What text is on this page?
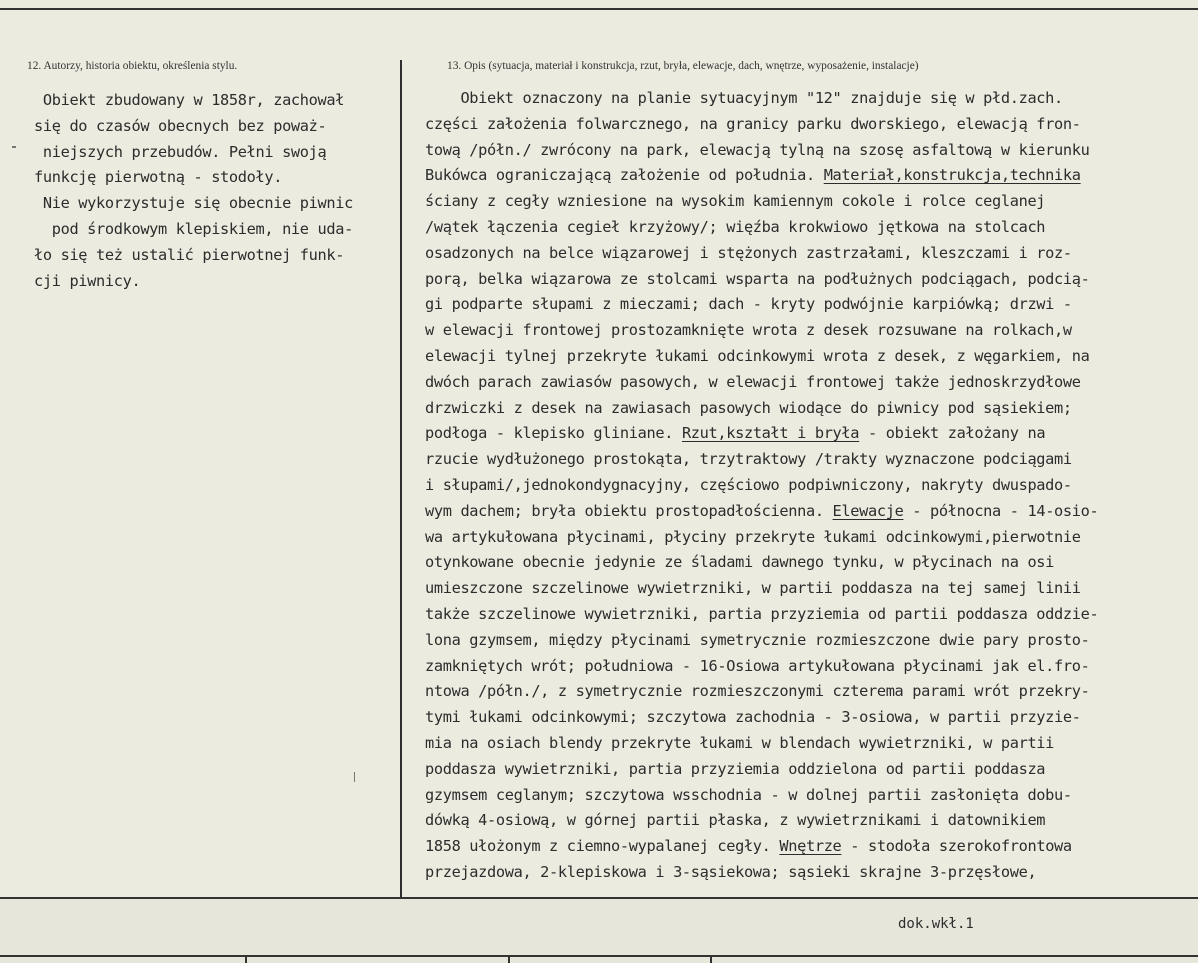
12. Autorzy, historia obiektu, określenia stylu.	13. Opis (sytuacja, materiał i konstrukcja, rzut, bryła, elewacje, dach, wnętrze, wyposażenie, instalacje)
Obiekt zbudowany w 1858r, zachował
się do czasów obecnych bez poważ-
niejszych przebudów. Pełni swoją
funkcję pierwotną - stodoły.
Nie wykorzystuje się obecnie piwnic
pod środkowym klepiskiem, nie uda-
ło się też ustalić pierwotnej funk-
cji piwnicy.
Obiekt oznaczony na planie sytuacyjnym "12" znajduje się w płd.zach.
części założenia folwarcznego, na granicy parku dworskiego, elewacją fron-
tową /półn./ zwrócony na park, elewacją tylną na szosę asfaltową w kierunku
Bukówca ograniczającą założenie od południa. Materiał,konstrukcja,technika
ściany z cegły wzniesione na wysokim kamiennym cokole i rolce ceglanej
/wątek łączenia cegieł krzyżowy/; więźba krokwiowo jętkowa na stolcach
osadzonych na belce wiązarowej i stężonych zastrzałami, kleszczami i roz-
porą, belka wiązarowa ze stolcami wsparta na podłużnych podciągach, podcią-
gi podparte słupami z mieczami; dach - kryty podwójnie karpiówką; drzwi -
w elewacji frontowej prostozamknięte wrota z desek rozsuwane na rolkach,w
elewacji tylnej przekryte łukami odcinkowymi wrota z desek, z węgarkiem, na
dwóch parach zawiasów pasowych, w elewacji frontowej także jednoskrzydłowe
drzwiczki z desek na zawiasach pasowych wiodące do piwnicy pod sąsiekiem;
podłoga - klepisko gliniane. Rzut,kształt i bryła - obiekt założany na
rzucie wydłużonego prostokąta, trzytraktowy /trakty wyznaczone podciągami
i słupami/,jednokondygnacyjny, częściowo podpiwniczony, nakryty dwuspado-
wym dachem; bryła obiektu prostopadłościenna. Elewacje - północna - 14-osio-
wa artykułowana płycinami, płyciny przekryte łukami odcinkowymi,pierwotnie
otynkowane obecnie jedynie ze śladami dawnego tynku, w płycinach na osi
umieszczone szczelinowe wywietrzniki, w partii poddasza na tej samej linii
także szczelinowe wywietrzniki, partia przyziemia od partii poddasza oddzie-
lona gzymsem, między płycinami symetrycznie rozmieszczone dwie pary prosto-
zamkniętych wrót; południowa - 16-Osiowa artykułowana płycinami jak el.fro-
ntowa /półn./, z symetrycznie rozmieszczonymi czterema parami wrót przekry-
tymi łukami odcinkowymi; szczytowa zachodnia - 3-osiowa, w partii przyzie-
mia na osiach blendy przekryte łukami w blendach wywietrzniki, w partii
poddasza wywietrzniki, partia przyziemia oddzielona od partii poddasza
gzymsem ceglanym; szczytowa wsschodnia - w dolnej partii zasłonięta dobu-
dówką 4-osiową, w górnej partii płaska, z wywietrznikami i datownikiem
1858 ułożonym z ciemno-wypalanej cegły. Wnętrze - stodoła szerokofrontowa
przejazdowa, 2-klepiskowa i 3-sąsiekowa; sąsieki skrajne 3-przęsłowe,
dok.wkł.1
